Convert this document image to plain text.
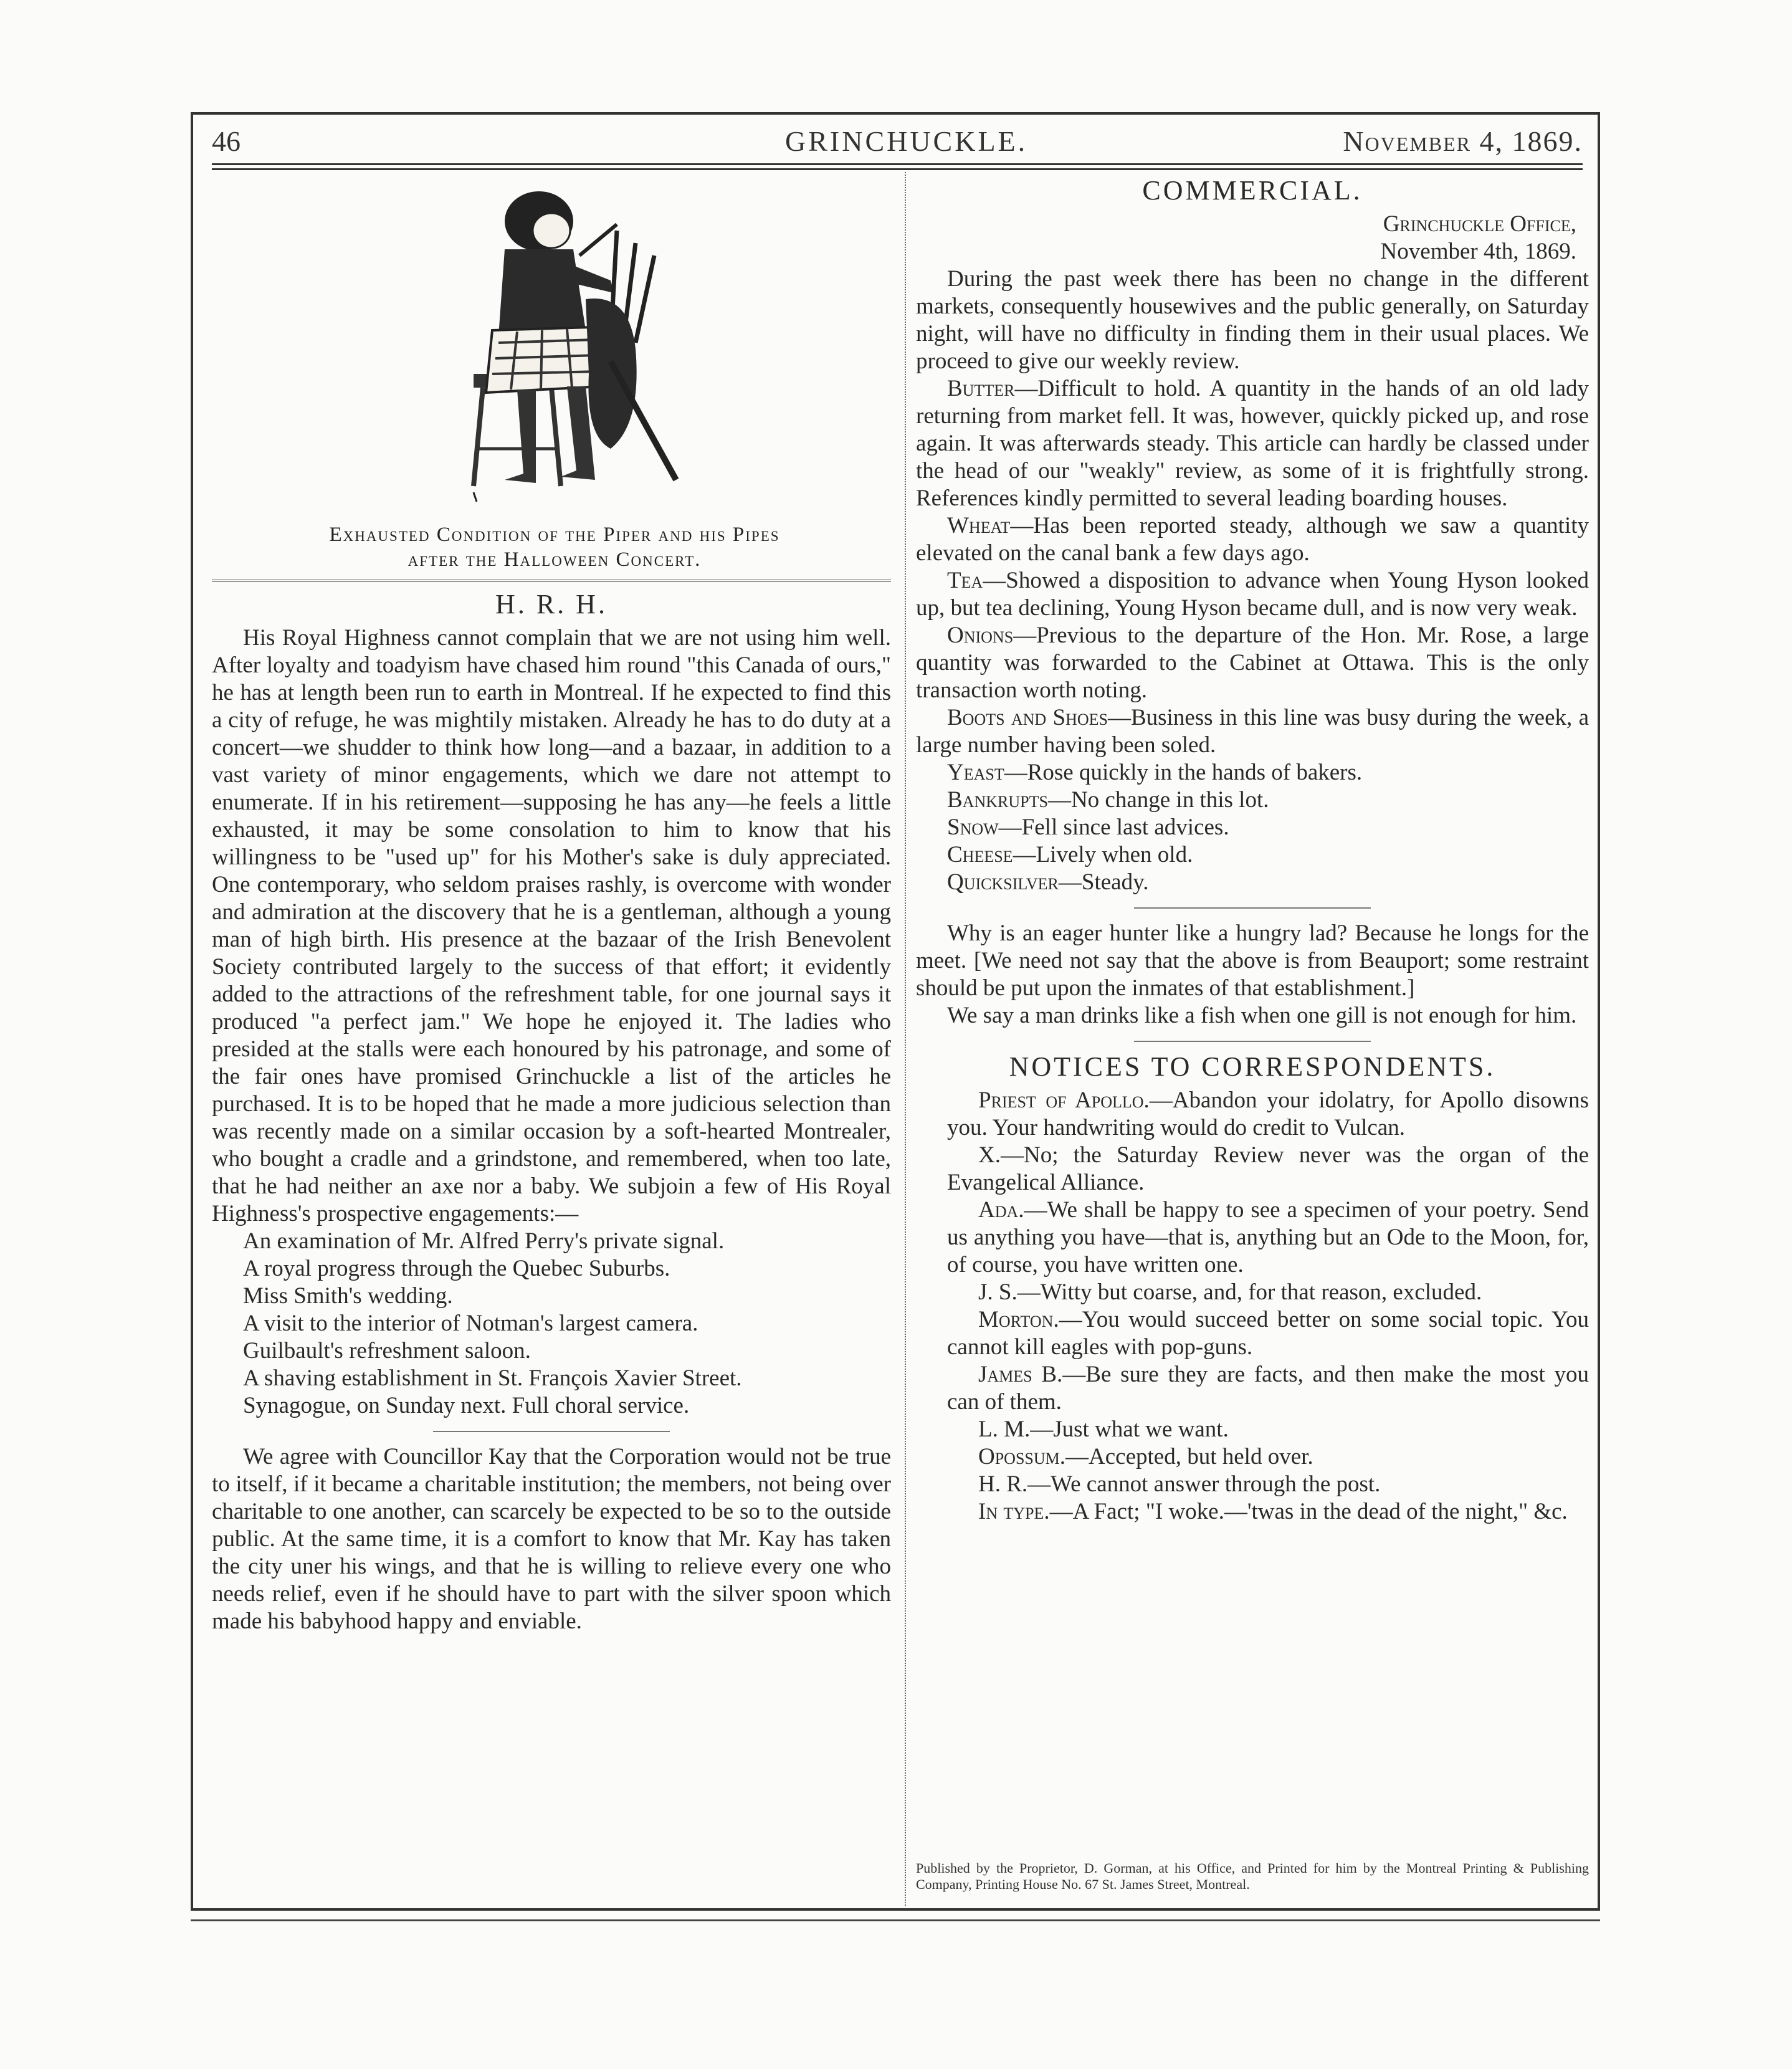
46	GRINCHUCKLE.	November 4, 1869.
Exhausted Condition of the Piper and his Pipes
after the Halloween Concert.
H. R. H.

His Royal Highness cannot complain that we are not using him well. After loyalty and toadyism have chased him round "this Canada of ours," he has at length been run to earth in Montreal. If he expected to find this a city of refuge, he was mightily mistaken. Already he has to do duty at a concert—we shudder to think how long—and a bazaar, in addition to a vast variety of minor engagements, which we dare not attempt to enumerate. If in his retirement—supposing he has any—he feels a little exhausted, it may be some consolation to him to know that his willingness to be "used up" for his Mother's sake is duly appreciated. One contemporary, who seldom praises rashly, is overcome with wonder and admiration at the discovery that he is a gentleman, although a young man of high birth. His presence at the bazaar of the Irish Benevolent Society contributed largely to the success of that effort; it evidently added to the attractions of the refreshment table, for one journal says it produced "a perfect jam." We hope he enjoyed it. The ladies who presided at the stalls were each honoured by his patronage, and some of the fair ones have promised Grinchuckle a list of the articles he purchased. It is to be hoped that he made a more judicious selection than was recently made on a similar occasion by a soft-hearted Montrealer, who bought a cradle and a grindstone, and remembered, when too late, that he had neither an axe nor a baby. We subjoin a few of His Royal Highness's prospective engagements:—

An examination of Mr. Alfred Perry's private signal.

A royal progress through the Quebec Suburbs.

Miss Smith's wedding.

A visit to the interior of Notman's largest camera.

Guilbault's refreshment saloon.

A shaving establishment in St. François Xavier Street.

Synagogue, on Sunday next. Full choral service.

We agree with Councillor Kay that the Corporation would not be true to itself, if it became a charitable institution; the members, not being over charitable to one another, can scarcely be expected to be so to the outside public. At the same time, it is a comfort to know that Mr. Kay has taken the city uner his wings, and that he is willing to relieve every one who needs relief, even if he should have to part with the silver spoon which made his babyhood happy and enviable.

COMMERCIAL.
Grinchuckle Office,
November 4th, 1869.

During the past week there has been no change in the different markets, consequently housewives and the public generally, on Saturday night, will have no difficulty in finding them in their usual places. We proceed to give our weekly review.

Butter—Difficult to hold. A quantity in the hands of an old lady returning from market fell. It was, however, quickly picked up, and rose again. It was afterwards steady. This article can hardly be classed under the head of our "weakly" review, as some of it is frightfully strong. References kindly permitted to several leading boarding houses.

Wheat—Has been reported steady, although we saw a quantity elevated on the canal bank a few days ago.

Tea—Showed a disposition to advance when Young Hyson looked up, but tea declining, Young Hyson became dull, and is now very weak.

Onions—Previous to the departure of the Hon. Mr. Rose, a large quantity was forwarded to the Cabinet at Ottawa. This is the only transaction worth noting.

Boots and Shoes—Business in this line was busy during the week, a large number having been soled.

Yeast—Rose quickly in the hands of bakers.

Bankrupts—No change in this lot.

Snow—Fell since last advices.

Cheese—Lively when old.

Quicksilver—Steady.

Why is an eager hunter like a hungry lad? Because he longs for the meet. [We need not say that the above is from Beauport; some restraint should be put upon the inmates of that establishment.]

We say a man drinks like a fish when one gill is not enough for him.

NOTICES TO CORRESPONDENTS.

Priest of Apollo.—Abandon your idolatry, for Apollo disowns you. Your handwriting would do credit to Vulcan.

X.—No; the Saturday Review never was the organ of the Evangelical Alliance.

Ada.—We shall be happy to see a specimen of your poetry. Send us anything you have—that is, anything but an Ode to the Moon, for, of course, you have written one.

J. S.—Witty but coarse, and, for that reason, excluded.

Morton.—You would succeed better on some social topic. You cannot kill eagles with pop-guns.

James B.—Be sure they are facts, and then make the most you can of them.

L. M.—Just what we want.

Opossum.—Accepted, but held over.

H. R.—We cannot answer through the post.

In type.—A Fact; "I woke.—'twas in the dead of the night," &c.

Published by the Proprietor, D. Gorman, at his Office, and Printed for him by the Montreal Printing & Publishing Company, Printing House No. 67 St. James Street, Montreal.
